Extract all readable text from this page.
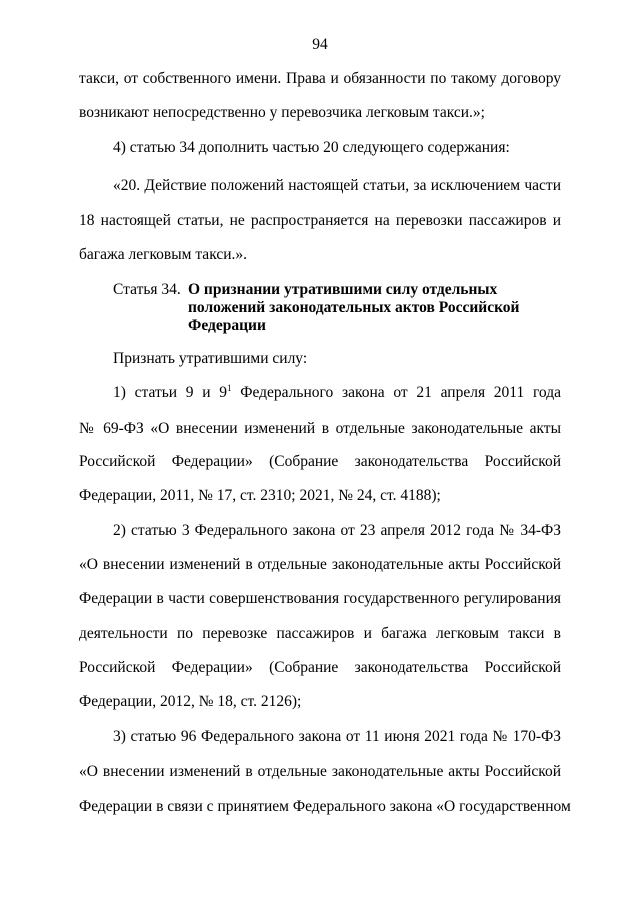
94
такси, от собственного имени. Права и обязанности по такому договору
возникают непосредственно у перевозчика легковым такси.»;
4) статью 34 дополнить частью 20 следующего содержания:
«20. Действие положений настоящей статьи, за исключением части
18 настоящей статьи, не распространяется на перевозки пассажиров и
багажа легковым такси.».
Статья 34. О признании утратившими силу отдельных
положений законодательных актов Российской
Федерации
Признать утратившими силу:
1) статьи 9 и $9^1$ Федерального закона от 21 апреля 2011 года
№ 69-ФЗ «О внесении изменений в отдельные законодательные акты
Российской Федерации» (Собрание законодательства Российской
Федерации, 2011, № 17, ст. 2310; 2021, № 24, ст. 4188);
2) статью 3 Федерального закона от 23 апреля 2012 года № 34-ФЗ
«О внесении изменений в отдельные законодательные акты Российской
Федерации в части совершенствования государственного регулирования
деятельности по перевозке пассажиров и багажа легковым такси в
Российской Федерации» (Собрание законодательства Российской
Федерации, 2012, № 18, ст. 2126);
3) статью 96 Федерального закона от 11 июня 2021 года № 170-ФЗ
«О внесении изменений в отдельные законодательные акты Российской
Федерации в связи с принятием Федерального закона «О государственном
